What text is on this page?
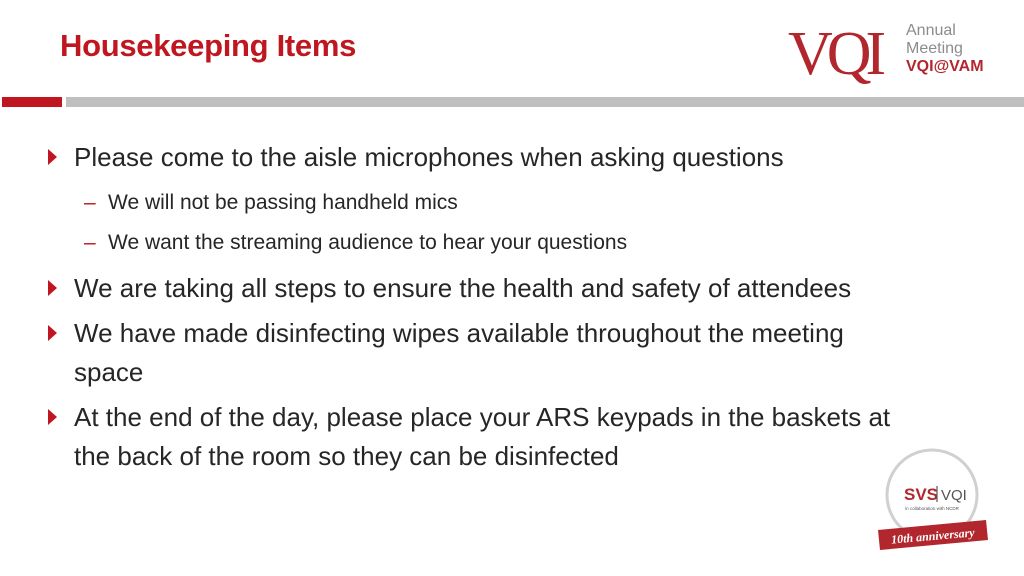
Housekeeping Items	VQI Annual
Meeting
VQI@VAM
Please come to the aisle microphones when asking questions
– We will not be passing handheld mics
– We want the streaming audience to hear your questions
We are taking all steps to ensure the health and safety of attendees
We have made disinfecting wipes available throughout the meeting space
At the end of the day, please place your ARS keypads in the baskets at the back of the room so they can be disinfected
SVS VQI
in collaboration with NCDR
10th anniversary
